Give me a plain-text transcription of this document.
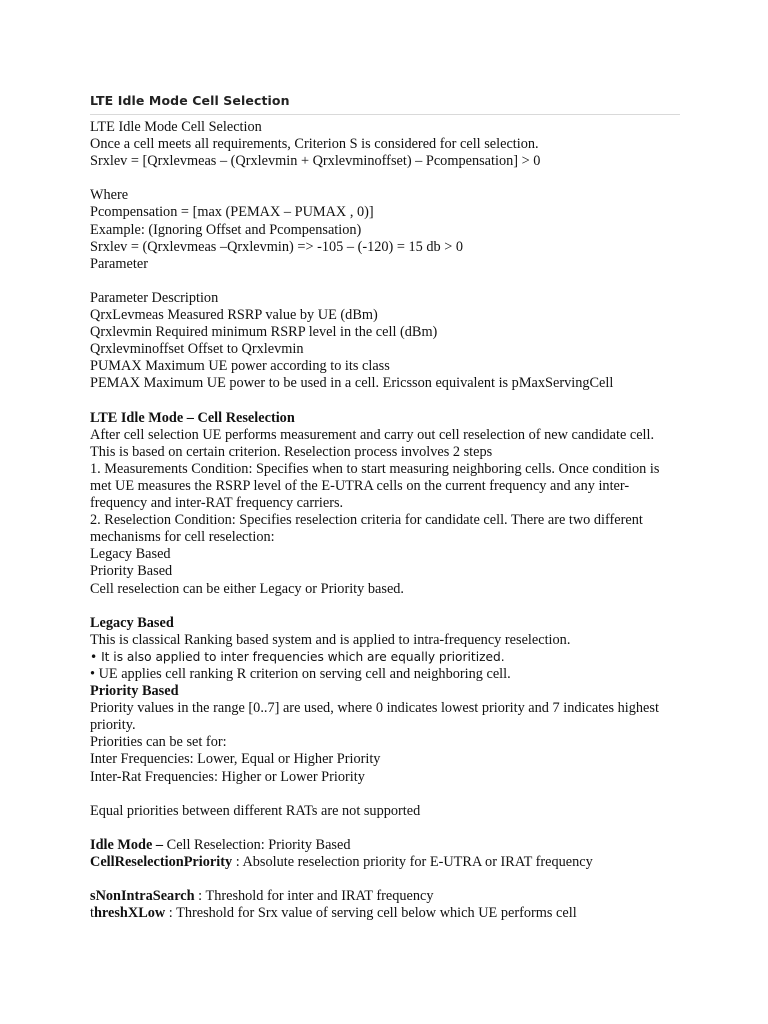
LTE Idle Mode Cell Selection
LTE Idle Mode Cell Selection
Once a cell meets all requirements, Criterion S is considered for cell selection.
Srxlev = [Qrxlevmeas – (Qrxlevmin + Qrxlevminoffset) – Pcompensation] > 0
Where
Pcompensation = [max (PEMAX – PUMAX , 0)]
Example: (Ignoring Offset and Pcompensation)
Srxlev = (Qrxlevmeas –Qrxlevmin) => -105 – (-120) = 15 db > 0
Parameter
Parameter Description
QrxLevmeas Measured RSRP value by UE (dBm)
Qrxlevmin Required minimum RSRP level in the cell (dBm)
Qrxlevminoffset Offset to Qrxlevmin
PUMAX Maximum UE power according to its class
PEMAX Maximum UE power to be used in a cell. Ericsson equivalent is pMaxServingCell
LTE Idle Mode – Cell Reselection
After cell selection UE performs measurement and carry out cell reselection of new candidate cell.
This is based on certain criterion. Reselection process involves 2 steps
1. Measurements Condition: Specifies when to start measuring neighboring cells. Once condition is
met UE measures the RSRP level of the E-UTRA cells on the current frequency and any inter-
frequency and inter-RAT frequency carriers.
2. Reselection Condition: Specifies reselection criteria for candidate cell. There are two different
mechanisms for cell reselection:
Legacy Based
Priority Based
Cell reselection can be either Legacy or Priority based.
Legacy Based
This is classical Ranking based system and is applied to intra-frequency reselection.
• It is also applied to inter frequencies which are equally prioritized.
• UE applies cell ranking R criterion on serving cell and neighboring cell.
Priority Based
Priority values in the range [0..7] are used, where 0 indicates lowest priority and 7 indicates highest
priority.
Priorities can be set for:
Inter Frequencies: Lower, Equal or Higher Priority
Inter-Rat Frequencies: Higher or Lower Priority
Equal priorities between different RATs are not supported
Idle Mode – Cell Reselection: Priority Based
CellReselectionPriority : Absolute reselection priority for E-UTRA or IRAT frequency
sNonIntraSearch : Threshold for inter and IRAT frequency
threshXLow : Threshold for Srx value of serving cell below which UE performs cell
